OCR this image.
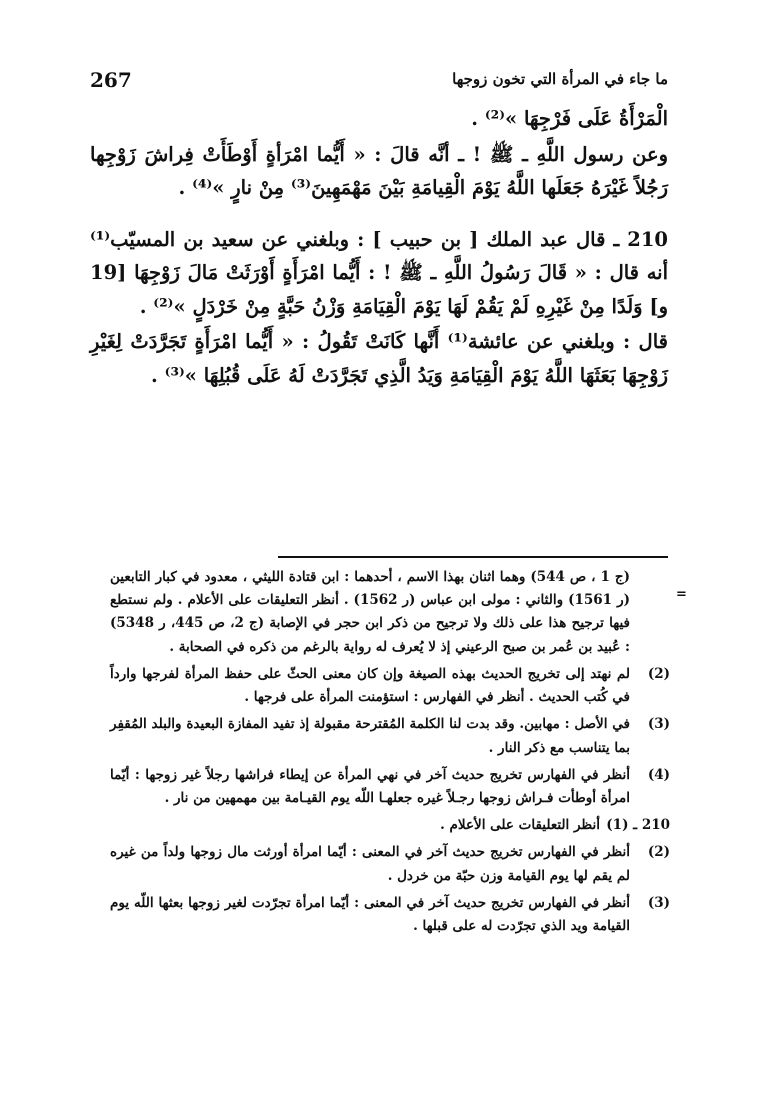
267	ما جاء في المرأة التي تخون زوجها

الْمَرْأَةُ عَلَى فَرْجِهَا »⁽²⁾ .

وعن رسول اللَّهِ ـ ﷺ ! ـ أنَّه قالَ : « أَيُّما امْرَأةٍ أَوْطَأَتْ فِراشَ زَوْجِها رَجُلاً غَيْرَهُ جَعَلَها اللَّهُ يَوْمَ الْقِيامَةِ بَيْنَ مَهْمَهِينَ⁽³⁾ مِنْ نارٍ »⁽⁴⁾ .

210 ـ قال عبد الملك [ بن حبيب ] : وبلغني عن سعيد بن المسيّب⁽¹⁾ أنه قال : « قَالَ رَسُولُ اللَّهِ ـ ﷺ ! : أَيُّما امْرَأَةٍ أَوْرَثَتْ مَالَ زَوْجِهَا [19 و] وَلَدًا مِنْ غَيْرِهِ لَمْ يَقُمْ لَهَا يَوْمَ الْقِيَامَةِ وَزْنُ حَبَّةٍ مِنْ خَرْدَلٍ »⁽²⁾ .

قال : وبلغني عن عائشة⁽¹⁾ أَنَّها كَانَتْ تَقُولُ : « أَيُّما امْرَأَةٍ تَجَرَّدَتْ لِغَيْرِ زَوْجِهَا بَعَثَهَا اللَّهُ يَوْمَ الْقِيَامَةِ وَيَدُ الَّذِي تَجَرَّدَتْ لَهُ عَلَى قُبُلِهَا »⁽³⁾ .

=
(ج 1 ، ص 544) وهما اثنان بهذا الاسم ، أحدهما : ابن قتادة الليثي ، معدود في كبار التابعين (ر 1561) والثاني : مولى ابن عباس (ر 1562) . أنظر التعليقات على الأعلام . ولم نستطع فيها ترجيح هذا على ذلك ولا ترجيح من ذكر ابن حجر في الإصابة (ج 2، ص 445، ر 5348) : عُبيد بن عُمر بن صبح الرعيني إذ لا يُعرف له رواية بالرغم من ذكره في الصحابة .
(2)
لم نهتد إلى تخريج الحديث بهذه الصيغة وإن كان معنى الحثّ على حفظ المرأة لفرجها وارداً في كُتب الحديث . أنظر في الفهارس : استؤمنت المرأة على فرجها .
(3)
في الأصل : مهابين. وقد بدت لنا الكلمة المُقترحة مقبولة إذ تفيد المفازة البعيدة والبلد المُقفِر بما يتناسب مع ذكر النار .
(4)
أنظر في الفهارس تخريج حديث آخر في نهي المرأة عن إيطاء فراشها رجلاً غير زوجها : أيّما امرأة أوطأت فـراش زوجها رجـلاً غيره جعلهـا اللّه يوم القيـامة بين مهمهين من نار .
210 ـ (1)
أنظر التعليقات على الأعلام .
(2)
أنظر في الفهارس تخريج حديث آخر في المعنى : أيّما امرأة أورثت مال زوجها ولداً من غيره لم يقم لها يوم القيامة وزن حبّة من خردل .
(3)
أنظر في الفهارس تخريج حديث آخر في المعنى : أيّما امرأة تجرّدت لغير زوجها بعثها اللّه يوم القيامة ويد الذي تجرّدت له على قبلها .
